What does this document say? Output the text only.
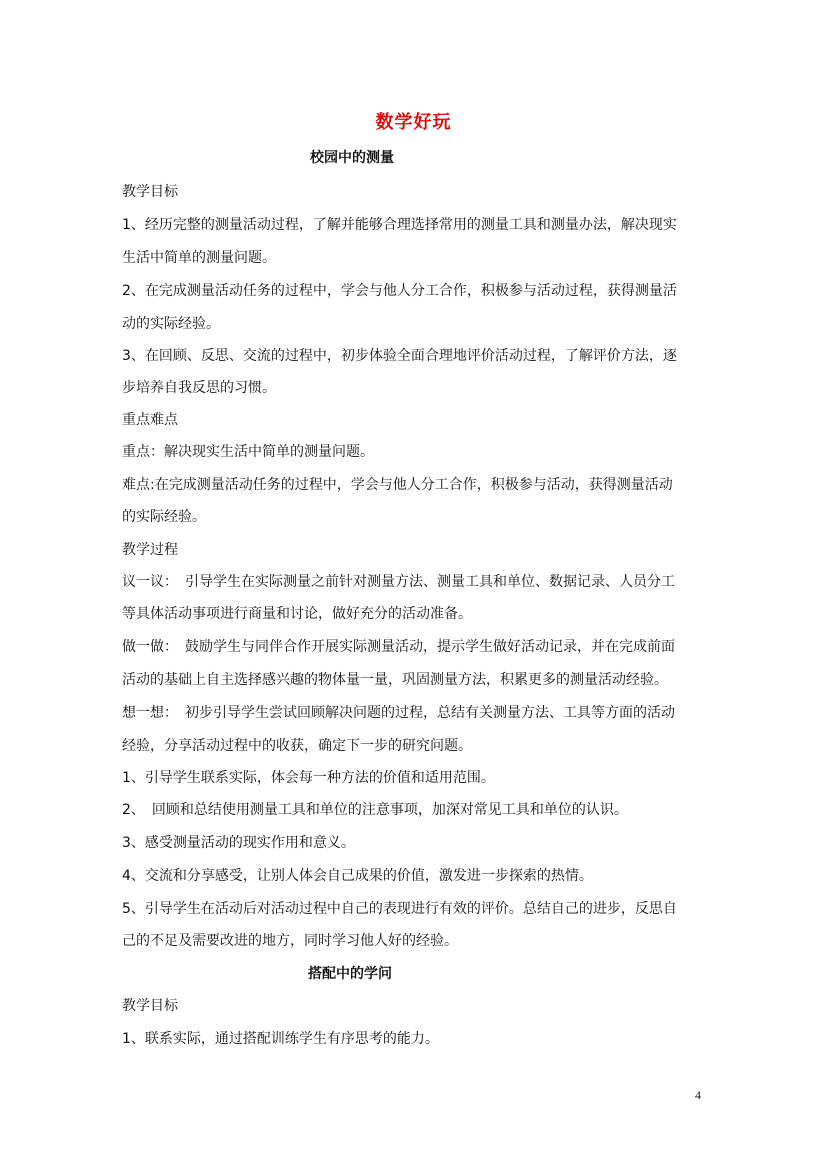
数学好玩
校园中的测量
教学目标
1、经历完整的测量活动过程，了解并能够合理选择常用的测量工具和测量办法，解决现实
生活中简单的测量问题。
2、在完成测量活动任务的过程中，学会与他人分工合作，积极参与活动过程，获得测量活
动的实际经验。
3、在回顾、反思、交流的过程中，初步体验全面合理地评价活动过程，了解评价方法，逐
步培养自我反思的习惯。
重点难点
重点：解决现实生活中简单的测量问题。
难点:在完成测量活动任务的过程中，学会与他人分工合作，积极参与活动，获得测量活动
的实际经验。
教学过程
议一议：　引导学生在实际测量之前针对测量方法、测量工具和单位、数据记录、人员分工
等具体活动事项进行商量和讨论，做好充分的活动准备。
做一做：　鼓励学生与同伴合作开展实际测量活动，提示学生做好活动记录，并在完成前面
活动的基础上自主选择感兴趣的物体量一量，巩固测量方法，积累更多的测量活动经验。
想一想：　初步引导学生尝试回顾解决问题的过程，总结有关测量方法、工具等方面的活动
经验，分享活动过程中的收获，确定下一步的研究问题。
1、引导学生联系实际，体会每一种方法的价值和适用范围。
2、　回顾和总结使用测量工具和单位的注意事项，加深对常见工具和单位的认识。
3、感受测量活动的现实作用和意义。
4、交流和分享感受，让别人体会自己成果的价值，激发进一步探索的热情。
5、引导学生在活动后对活动过程中自己的表现进行有效的评价。总结自己的进步，反思自
己的不足及需要改进的地方，同时学习他人好的经验。
搭配中的学问
教学目标
1、联系实际，通过搭配训练学生有序思考的能力。
4
